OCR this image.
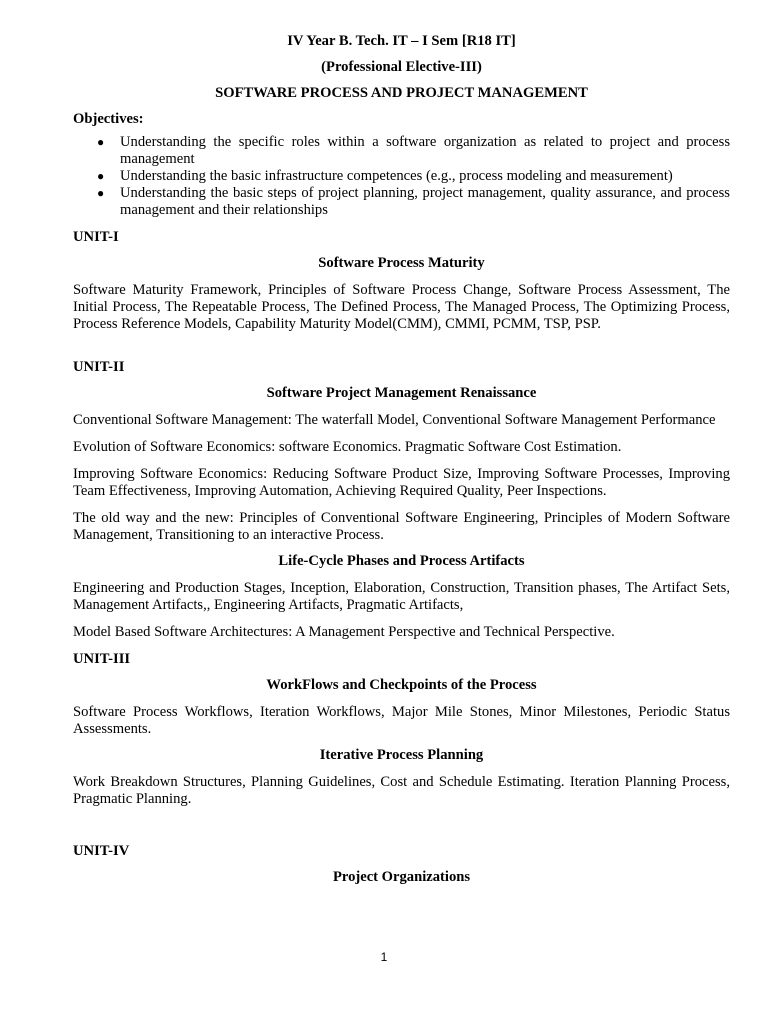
IV Year B. Tech. IT – I Sem [R18 IT]
(Professional Elective-III)
SOFTWARE PROCESS AND PROJECT MANAGEMENT
Objectives:
● Understanding the specific roles within a software organization as related to project and process management
● Understanding the basic infrastructure competences (e.g., process modeling and measurement)
● Understanding the basic steps of project planning, project management, quality assurance, and process management and their relationships
UNIT-I
Software Process Maturity

Software Maturity Framework, Principles of Software Process Change, Software Process Assessment, The Initial Process, The Repeatable Process, The Defined Process, The Managed Process, The Optimizing Process, Process Reference Models, Capability Maturity Model(CMM), CMMI, PCMM, TSP, PSP.

UNIT-II
Software Project Management Renaissance

Conventional Software Management: The waterfall Model, Conventional Software Management Performance

Evolution of Software Economics: software Economics. Pragmatic Software Cost Estimation.

Improving Software Economics: Reducing Software Product Size, Improving Software Processes, Improving Team Effectiveness, Improving Automation, Achieving Required Quality, Peer Inspections.

The old way and the new: Principles of Conventional Software Engineering, Principles of Modern Software Management, Transitioning to an interactive Process.

Life-Cycle Phases and Process Artifacts

Engineering and Production Stages, Inception, Elaboration, Construction, Transition phases, The Artifact Sets, Management Artifacts,, Engineering Artifacts, Pragmatic Artifacts,

Model Based Software Architectures: A Management Perspective and Technical Perspective.

UNIT-III
WorkFlows and Checkpoints of the Process

Software Process Workflows, Iteration Workflows, Major Mile Stones, Minor Milestones, Periodic Status Assessments.

Iterative Process Planning

Work Breakdown Structures, Planning Guidelines, Cost and Schedule Estimating. Iteration Planning Process, Pragmatic Planning.

UNIT-IV
Project Organizations
1
